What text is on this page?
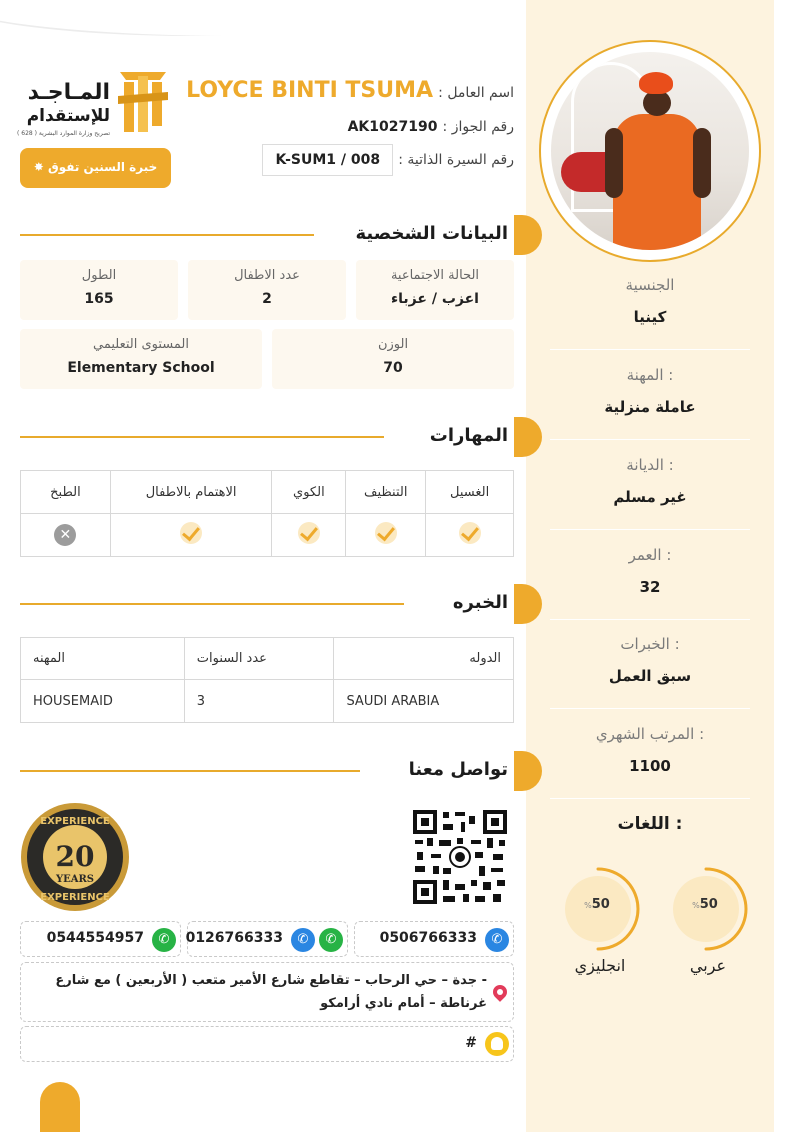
الجنسية
كينيا
المهنة :
عاملة منزلية
الديانة :
غير مسلم
العمر :
32
الخبرات :
سبق العمل
المرتب الشهري :
1100
اللغات :
%50
عربي
%50
انجليزي
المـاجـد
للإستقدام
تصريح وزارة الموارد البشرية ( 628 )
✸ خبرة السنين تفوق
اسم العامل : LOYCE BINTI TSUMA
رقم الجواز : AK1027190
رقم السيرة الذاتية : K-SUM1 / 008
البيانات الشخصية
الحالة الاجتماعية
اعزب / عزباء
عدد الاطفال
2
الطول
165
الوزن
70
المستوى التعليمي
Elementary School
المهارات
الغسيل	التنظيف	الكوي	الاهتمام بالاطفال	الطبخ
				✕
الخبره
الدوله	عدد السنوات	المهنه
SAUDI ARABIA	3	HOUSEMAID
تواصل معنا
EXPERIENCE
20
YEARS
EXPERIENCE
✆
0506766333
✆
✆
0126766333
✆
0544554957
- جدة – حي الرحاب – تقاطع شارع الأمير متعب ( الأربعين ) مع شارع غرناطة – أمام نادي أرامكو
#
